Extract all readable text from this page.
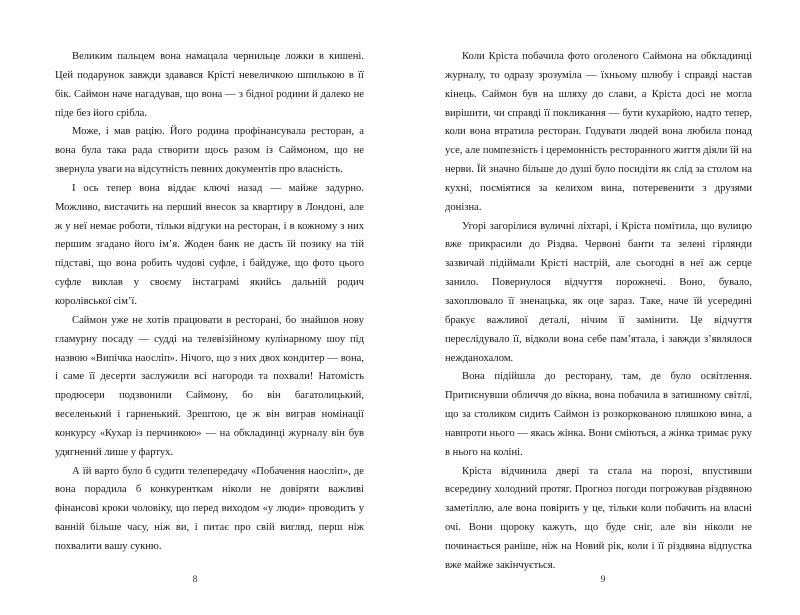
Великим пальцем вона намацала чернильце ложки в кишені. Цей подарунок завжди здавався Крісті невеличкою шпилькою в її бік. Саймон наче нагадував, що вона — з бідної родини й далеко не піде без його срібла.

Може, і мав рацію. Його родина профінансувала ресторан, а вона була така рада створити щось разом із Саймоном, що не звернула уваги на відсутність певних документів про власність.

І ось тепер вона віддає ключі назад — майже задурно. Можливо, вистачить на перший внесок за квартиру в Лондоні, але ж у неї немає роботи, тільки відгуки на ресторан, і в кожному з них першим згадано його ім’я. Жоден банк не дасть їй позику на тій підставі, що вона робить чудові суфле, і байдуже, що фото цього суфле виклав у своєму інстаграмі якийсь дальній родич королівської сім’ї.

Саймон уже не хотів працювати в ресторані, бо знайшов нову гламурну посаду — судді на телевізійному кулінарному шоу під назвою «Випічка наосліп». Нічого, що з них двох кондитер — вона, і саме її десерти заслужили всі нагороди та похвали! Натомість продюсери подзвонили Саймону, бо він багатолицький, веселенький і гарненький. Зрештою, це ж він виграв номінації конкурсу «Кухар із перчинкою» — на обкладинці журналу він був удягнений лише у фартух.

А їй варто було б судити телепередачу «Побачення наосліп», де вона порадила б конкуренткам ніколи не довіряти важливі фінансові кроки чоловіку, що перед виходом «у люди» проводить у ванній більше часу, ніж ви, і питає про свій вигляд, перш ніж похвалити вашу сукню.

8

Коли Кріста побачила фото оголеного Саймона на обкладинці журналу, то одразу зрозуміла — їхньому шлюбу і справді настав кінець. Саймон був на шляху до слави, а Кріста досі не могла вирішити, чи справді її покликання — бути кухарйою, надто тепер, коли вона втратила ресторан. Годувати людей вона любила понад усе, але помпезність і церемонність ресторанного життя діяли їй на нерви. Їй значно більше до душі було посидіти як слід за столом на кухні, посміятися за келихом вина, потеревенити з друзями донізна.

Угорі загорілися вуличні ліхтарі, і Кріста помітила, що вулицю вже прикрасили до Різдва. Червоні банти та зелені гірлянди зазвичай підіймали Крісті настрій, але сьогодні в неї аж серце занило. Повернулося відчуття порожнечі. Воно, бувало, захоплювало її зненацька, як оце зараз. Таке, наче їй усередині бракує важливої деталі, нічим її замінити. Це відчуття переслідувало її, відколи вона себе пам’ятала, і завжди з’являлося нежданохалом.

Вона підійшла до ресторану, там, де було освітлення. Притиснувши обличчя до вікна, вона побачила в затишному світлі, що за столиком сидить Саймон із розкоркованою пляшкою вина, а навпроти нього — якась жінка. Вони сміються, а жінка тримає руку в нього на коліні.

Кріста відчинила двері та стала на порозі, впустивши всередину холодний протяг. Прогноз погоди погрожував різдвяною заметіллю, але вона повірить у це, тільки коли побачить на власні очі. Вони щороку кажуть, що буде сніг, але він ніколи не починається раніше, ніж на Новий рік, коли і її різдвяна відпустка вже майже закінчується.

9
